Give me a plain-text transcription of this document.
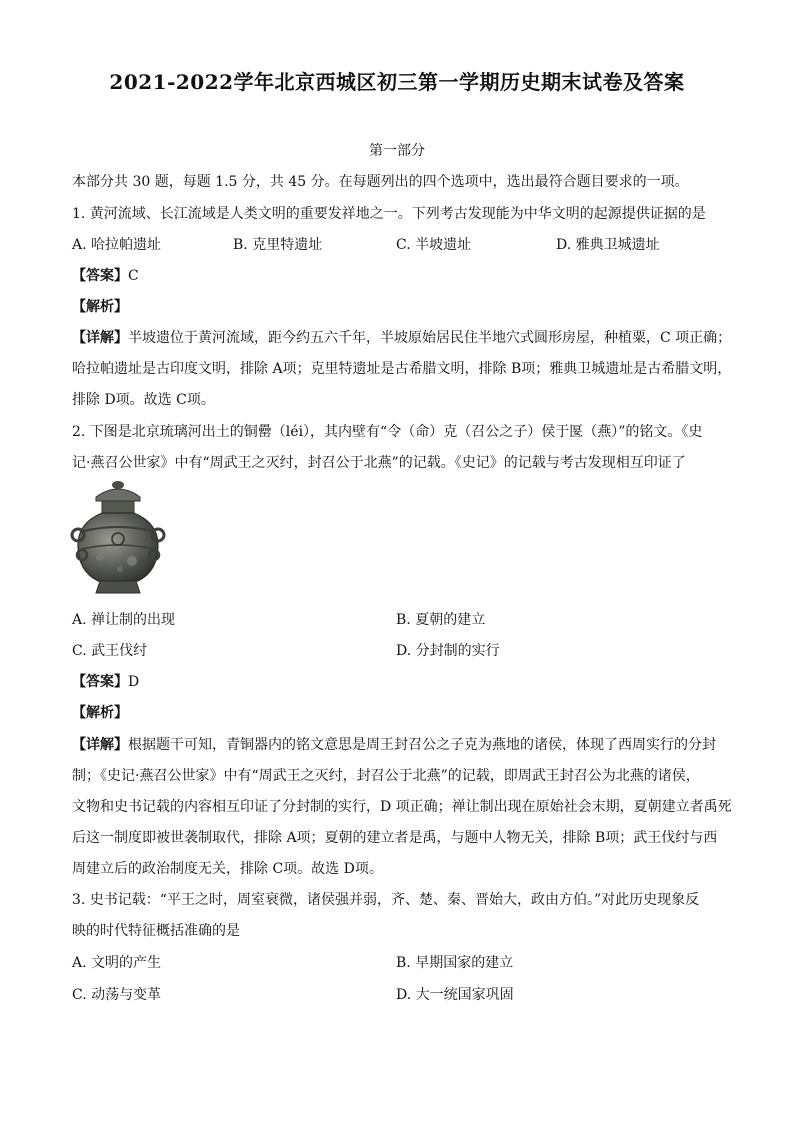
2021-2022学年北京西城区初三第一学期历史期末试卷及答案
第一部分
本部分共 30 题，每题 1.5 分，共 45 分。在每题列出的四个选项中，选出最符合题目要求的一项。
1. 黄河流域、长江流域是人类文明的重要发祥地之一。下列考古发现能为中华文明的起源提供证据的是
A. 哈拉帕遗址	B. 克里特遗址	C. 半坡遗址	D. 雅典卫城遗址
【答案】C
【解析】
【详解】半坡遗位于黄河流域，距今约五六千年，半坡原始居民住半地穴式圆形房屋，种植粟，C 项正确；
哈拉帕遗址是古印度文明，排除 A项；克里特遗址是古希腊文明，排除 B项；雅典卫城遗址是古希腊文明，
排除 D项。故选 C项。
2. 下图是北京琉璃河出土的铜罍（léi），其内壁有“令（命）克（召公之子）侯于匽（燕）”的铭文。《史
记·燕召公世家》中有“周武王之灭纣，封召公于北燕”的记载。《史记》的记载与考古发现相互印证了
A. 禅让制的出现	B. 夏朝的建立
C. 武王伐纣	D. 分封制的实行
【答案】D
【解析】
【详解】根据题干可知，青铜器内的铭文意思是周王封召公之子克为燕地的诸侯，体现了西周实行的分封
制；《史记·燕召公世家》中有“周武王之灭纣，封召公于北燕”的记载，即周武王封召公为北燕的诸侯，
文物和史书记载的内容相互印证了分封制的实行，D 项正确；禅让制出现在原始社会末期，夏朝建立者禹死
后这一制度即被世袭制取代，排除 A项；夏朝的建立者是禹，与题中人物无关，排除 B项；武王伐纣与西
周建立后的政治制度无关，排除 C项。故选 D项。
3. 史书记载：“平王之时，周室衰微，诸侯强并弱，齐、楚、秦、晋始大，政由方伯。”对此历史现象反
映的时代特征概括准确的是
A. 文明的产生	B. 早期国家的建立
C. 动荡与变革	D. 大一统国家巩固
